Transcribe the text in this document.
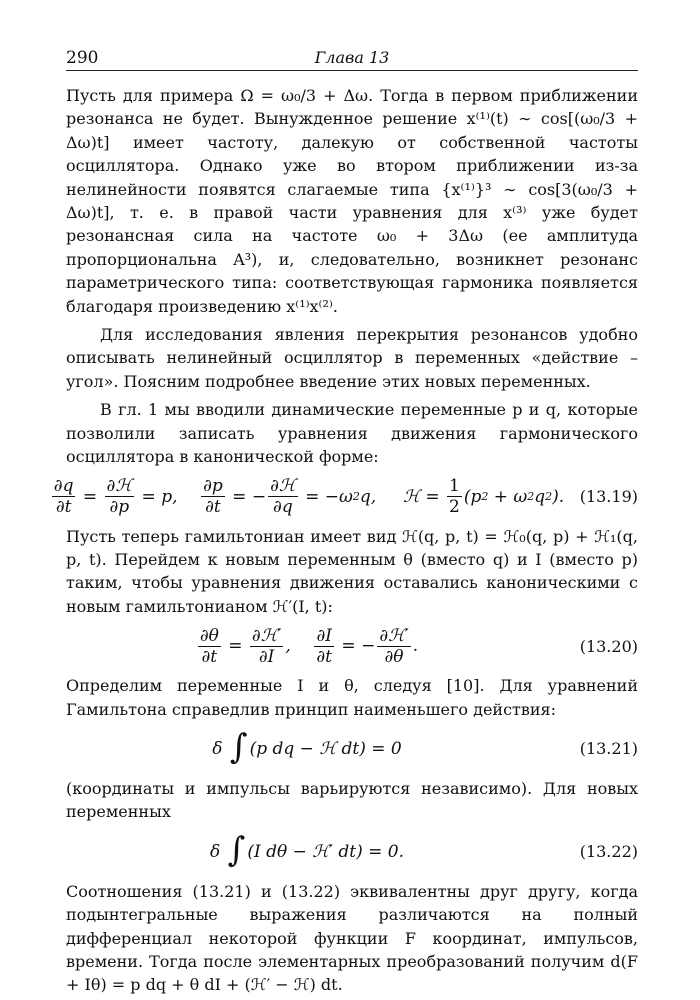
290	Глава 13

Пусть для примера Ω = ω₀/3 + Δω. Тогда в первом приближении резонанса не будет. Вынужденное решение x⁽¹⁾(t) ∼ cos[(ω₀/3 + Δω)t] имеет частоту, далекую от собственной частоты осциллятора. Однако уже во втором приближении из-за нелинейности появятся слагаемые типа {x⁽¹⁾}³ ∼ cos[3(ω₀/3 + Δω)t], т. е. в правой части уравнения для x⁽³⁾ уже будет резонансная сила на частоте ω₀ + 3Δω (ее амплитуда пропорциональна A³), и, следовательно, возникнет резонанс параметрического типа: соответствующая гармоника появляется благодаря произведению x⁽¹⁾x⁽²⁾.

Для исследования явления перекрытия резонансов удобно описывать нелинейный осциллятор в переменных «действие – угол». Поясним подробнее введение этих новых переменных.

В гл. 1 мы вводили динамические переменные p и q, которые позволили записать уравнения движения гармонического осциллятора в канонической форме:

$\frac{\partial q}{\partial t} = \frac{\text{∂ℋ}}{\partial p} = p$, $\frac{\partial p}{\partial t}$ = − $\frac{\text{∂ℋ}}{\partial q} = -\omega$ 2 q,     ℋ = $\frac{1}{2} (p$ 2 + ω 2 q 2 ). (13.19)

Пусть теперь гамильтониан имеет вид ℋ(q, p, t) = ℋ₀(q, p) + ℋ₁(q, p, t). Перейдем к новым переменным θ (вместо q) и I (вместо p) таким, чтобы уравнения движения оставались каноническими с новым гамильтонианом ℋ′(I, t):

$\frac{\partial\theta}{\partial t} = \frac{\text{∂ℋ′}}{\partial I}$ , $\frac{\partial I}{\partial t}$ = − $\frac{\text{∂ℋ′}}{\partial\theta}$ .	(13.20)

Определим переменные I и θ, следуя [10]. Для уравнений Гамильтона справедлив принцип наименьшего действия:

δ ∫ (p dq − ℋ dt) = 0	(13.21)

(координаты и импульсы варьируются независимо). Для новых переменных

δ ∫ (I dθ − ℋ′ dt) = 0.	(13.22)

Соотношения (13.21) и (13.22) эквивалентны друг другу, когда подынтегральные выражения различаются на полный дифференциал некоторой функции F координат, импульсов, времени. Тогда после элементарных преобразований получим d(F + Iθ) = p dq + θ dI + (ℋ′ − ℋ) dt.
